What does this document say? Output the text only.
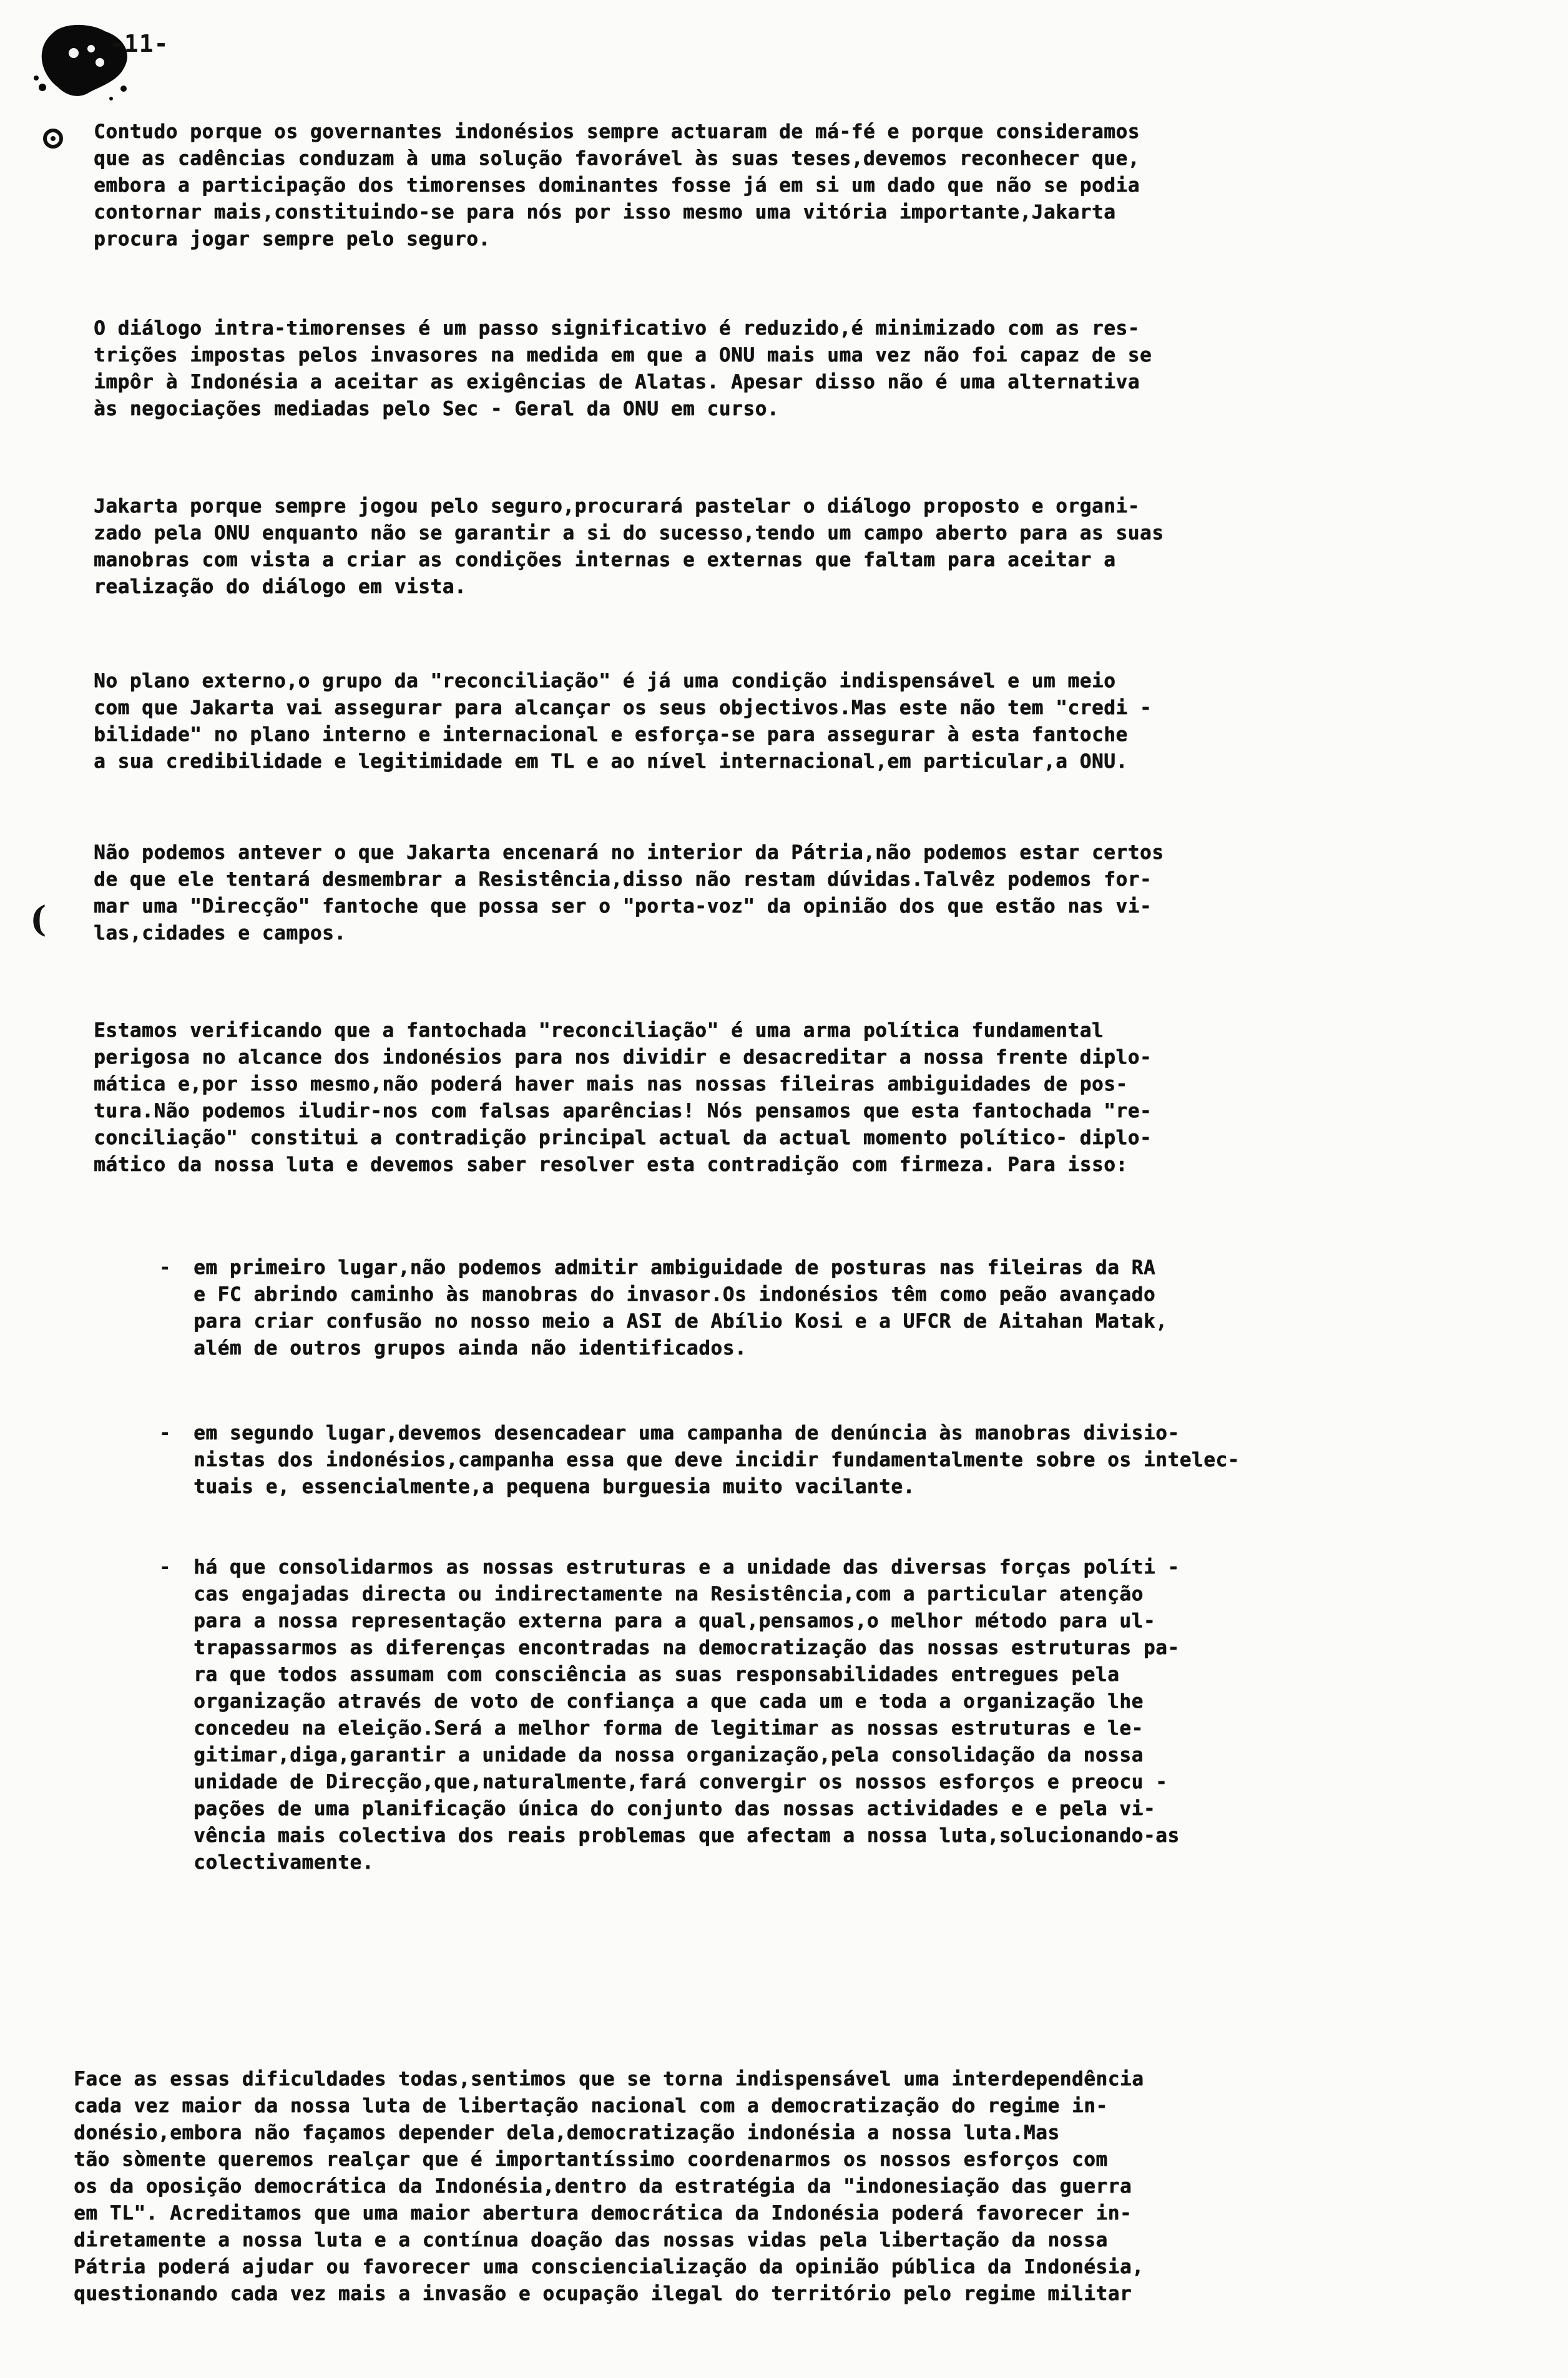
-11-

Contudo porque os governantes indonésios sempre actuaram de má-fé e porque consideramos
que as cadências conduzam à uma solução favorável às suas teses,devemos reconhecer que,
embora a participação dos timorenses dominantes fosse já em si um dado que não se podia
contornar mais,constituindo-se para nós por isso mesmo uma vitória importante,Jakarta
procura jogar sempre pelo seguro.

O diálogo intra-timorenses é um passo significativo é reduzido,é minimizado com as res-
trições impostas pelos invasores na medida em que a ONU mais uma vez não foi capaz de se
impôr à Indonésia a aceitar as exigências de Alatas. Apesar disso não é uma alternativa
às negociações mediadas pelo Sec - Geral da ONU em curso.

Jakarta porque sempre jogou pelo seguro,procurará pastelar o diálogo proposto e organi-
zado pela ONU enquanto não se garantir a si do sucesso,tendo um campo aberto para as suas
manobras com vista a criar as condições internas e externas que faltam para aceitar a
realização do diálogo em vista.

No plano externo,o grupo da "reconciliação" é já uma condição indispensável e um meio
com que Jakarta vai assegurar para alcançar os seus objectivos.Mas este não tem "credi -
bilidade" no plano interno e internacional e esforça-se para assegurar à esta fantoche
a sua credibilidade e legitimidade em TL e ao nível internacional,em particular,a ONU.

Não podemos antever o que Jakarta encenará no interior da Pátria,não podemos estar certos
de que ele tentará desmembrar a Resistência,disso não restam dúvidas.Talvêz podemos for-
mar uma "Direcção" fantoche que possa ser o "porta-voz" da opinião dos que estão nas vi-
las,cidades e campos.

(

Estamos verificando que a fantochada "reconciliação" é uma arma política fundamental
perigosa no alcance dos indonésios para nos dividir e desacreditar a nossa frente diplo-
mática e,por isso mesmo,não poderá haver mais nas nossas fileiras ambiguidades de pos-
tura.Não podemos iludir-nos com falsas aparências! Nós pensamos que esta fantochada "re-
conciliação" constitui a contradição principal actual da actual momento político- diplo-
mático da nossa luta e devemos saber resolver esta contradição com firmeza. Para isso:

- em primeiro lugar,não podemos admitir ambiguidade de posturas nas fileiras da RA
e FC abrindo caminho às manobras do invasor.Os indonésios têm como peão avançado
para criar confusão no nosso meio a ASI de Abílio Kosi e a UFCR de Aitahan Matak,
além de outros grupos ainda não identificados.

- em segundo lugar,devemos desencadear uma campanha de denúncia às manobras divisio-
nistas dos indonésios,campanha essa que deve incidir fundamentalmente sobre os intelec-
tuais e, essencialmente,a pequena burguesia muito vacilante.

- há que consolidarmos as nossas estruturas e a unidade das diversas forças políti -
cas engajadas directa ou indirectamente na Resistência,com a particular atenção
para a nossa representação externa para a qual,pensamos,o melhor método para ul-
trapassarmos as diferenças encontradas na democratização das nossas estruturas pa-
ra que todos assumam com consciência as suas responsabilidades entregues pela
organização através de voto de confiança a que cada um e toda a organização lhe
concedeu na eleição.Será a melhor forma de legitimar as nossas estruturas e le-
gitimar,diga,garantir a unidade da nossa organização,pela consolidação da nossa
unidade de Direcção,que,naturalmente,fará convergir os nossos esforços e preocu -
pações de uma planificação única do conjunto das nossas actividades e e pela vi-
vência mais colectiva dos reais problemas que afectam a nossa luta,solucionando-as
colectivamente.

Face as essas dificuldades todas,sentimos que se torna indispensável uma interdependência
cada vez maior da nossa luta de libertação nacional com a democratização do regime in-
donésio,embora não façamos depender dela,democratização indonésia a nossa luta.Mas
tão sòmente queremos realçar que é importantíssimo coordenarmos os nossos esforços com
os da oposição democrática da Indonésia,dentro da estratégia da "indonesiação das guerra
em TL". Acreditamos que uma maior abertura democrática da Indonésia poderá favorecer in-
diretamente a nossa luta e a contínua doação das nossas vidas pela libertação da nossa
Pátria poderá ajudar ou favorecer uma consciencialização da opinião pública da Indonésia,
questionando cada vez mais a invasão e ocupação ilegal do território pelo regime militar
